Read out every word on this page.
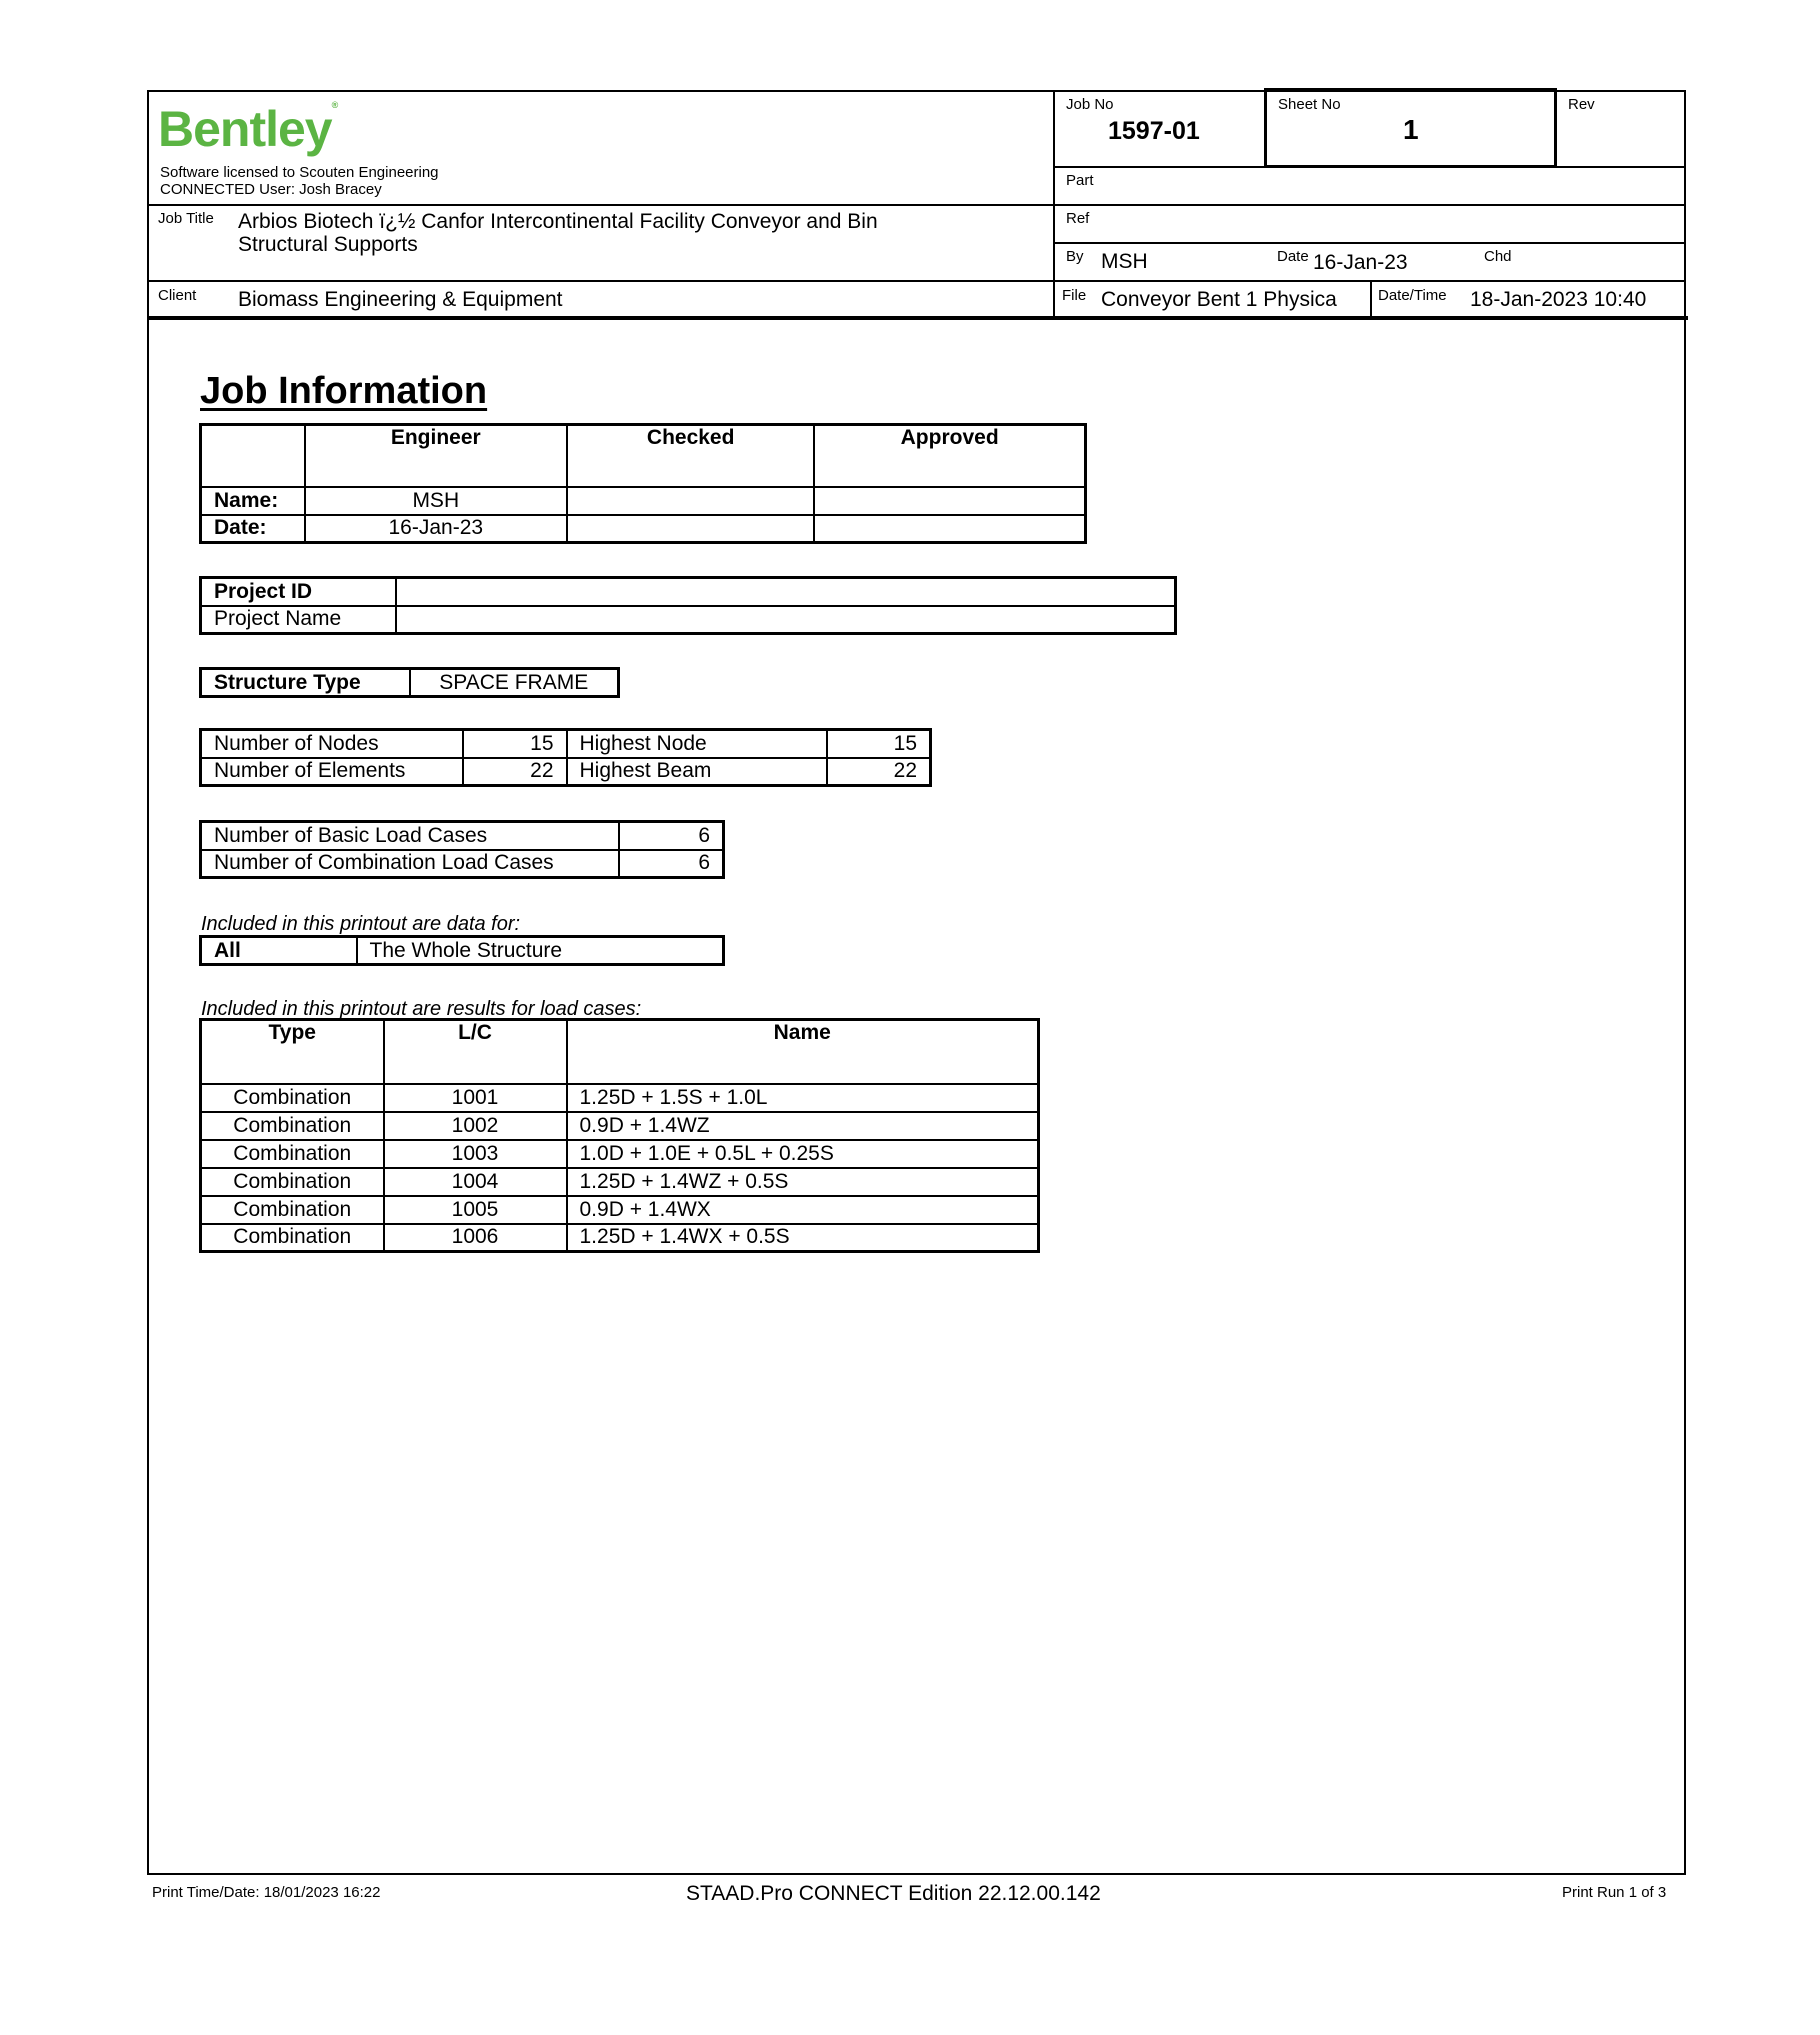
Bentley®
Software licensed to Scouten Engineering
CONNECTED User: Josh Bracey
Job No
1597-01
Sheet No
1
Rev
Part
Ref
Job Title Arbios Biotech ï¿½ Canfor Intercontinental Facility Conveyor and Bin
Structural Supports
By MSH	Date 16-Jan-23	Chd
Client Biomass Engineering & Equipment	File Conveyor Bent 1 Physica	Date/Time 18-Jan-2023 10:40
Job Information
	Engineer	Checked	Approved
Name:	MSH		
Date:	16-Jan-23		
Project ID	
Project Name	
Structure Type	SPACE FRAME
Number of Nodes	15	Highest Node	15
Number of Elements	22	Highest Beam	22
Number of Basic Load Cases	6
Number of Combination Load Cases	6
Included in this printout are data for:
All	The Whole Structure
Included in this printout are results for load cases:
Type	L/C	Name
Combination	1001	1.25D + 1.5S + 1.0L
Combination	1002	0.9D + 1.4WZ
Combination	1003	1.0D + 1.0E + 0.5L + 0.25S
Combination	1004	1.25D + 1.4WZ + 0.5S
Combination	1005	0.9D + 1.4WX
Combination	1006	1.25D + 1.4WX + 0.5S
Print Time/Date: 18/01/2023 16:22	STAAD.Pro CONNECT Edition 22.12.00.142	Print Run 1 of 3
